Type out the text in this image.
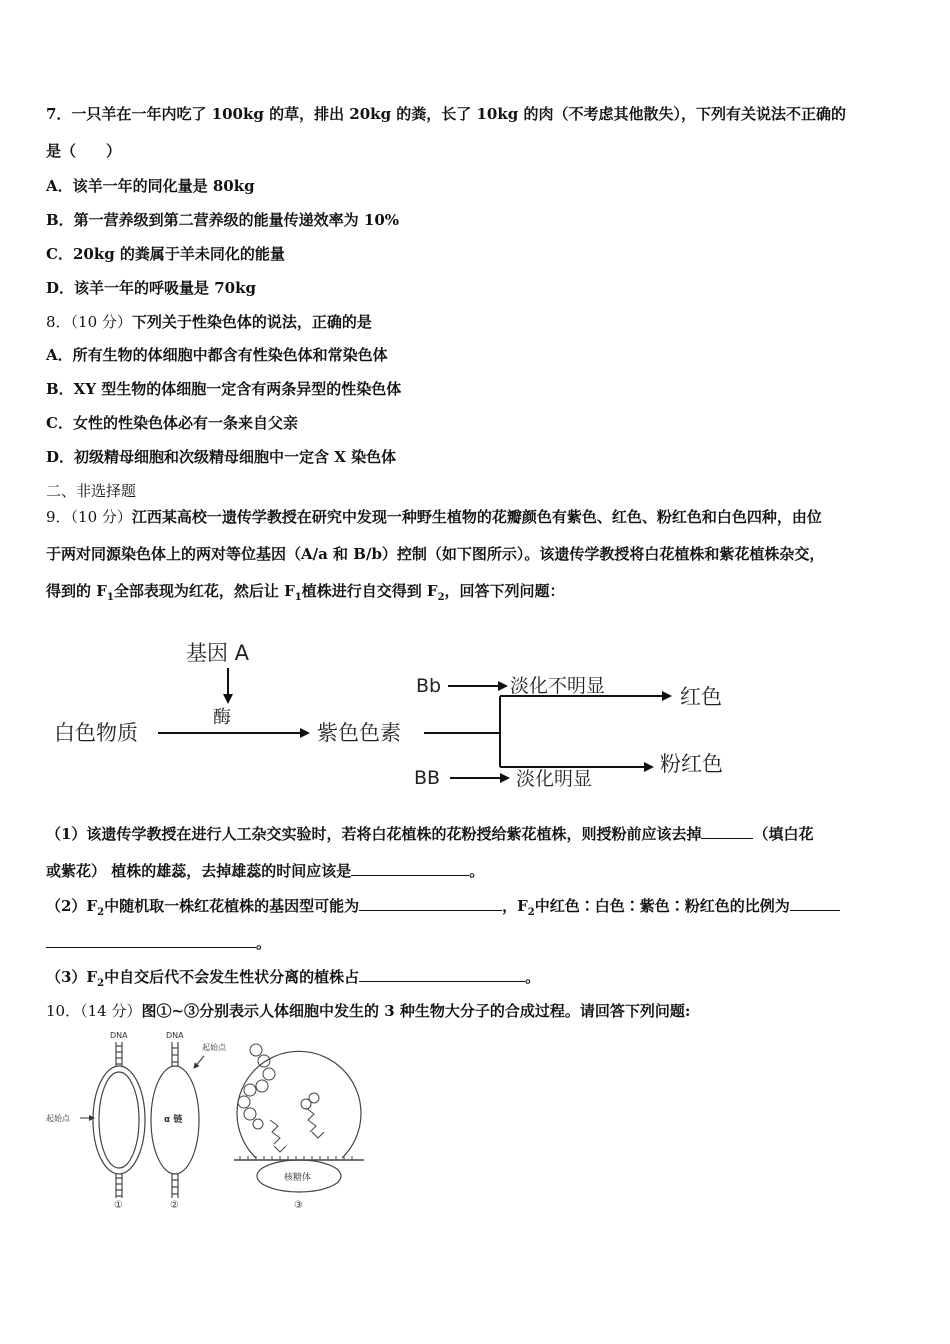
7．一只羊在一年内吃了 100kg 的草，排出 20kg 的粪，长了 10kg 的肉（不考虑其他散失），下列有关说法不正确的
是（　　）
A．该羊一年的同化量是 80kg
B．第一营养级到第二营养级的能量传递效率为 10%
C．20kg 的粪属于羊未同化的能量
D．该羊一年的呼吸量是 70kg
8．（10 分）下列关于性染色体的说法，正确的是
A．所有生物的体细胞中都含有性染色体和常染色体
B．XY 型生物的体细胞一定含有两条异型的性染色体
C．女性的性染色体必有一条来自父亲
D．初级精母细胞和次级精母细胞中一定含 X 染色体
二、非选择题
9．（10 分）江西某高校一遗传学教授在研究中发现一种野生植物的花瓣颜色有紫色、红色、粉红色和白色四种，由位
于两对同源染色体上的两对等位基因（A/a 和 B/b）控制（如下图所示）。该遗传学教授将白花植株和紫花植株杂交，
得到的 $F_1$全部表现为红花，然后让 $F_1$植株进行自交得到 $F_2$，回答下列问题：
基因 A
酶
白色物质	紫色色素
Bb	淡化不明显	红色
BB	淡化明显
粉红色
（1）该遗传学教授在进行人工杂交实验时，若将白花植株的花粉授给紫花植株，则授粉前应该去掉	（填白花
或紫花） 植株的雄蕊，去掉雄蕊的时间应该是	。
$(2)F_2$中随机取一株红花植株的基因型可能为	，$F_2$中红色∶白色∶紫色∶粉红色的比例为
。
$(3)F_2$中自交后代不会发生性状分离的植株占	。
10．（14 分）图①~③分别表示人体细胞中发生的 3 种生物大分子的合成过程。请回答下列问题:
DNA
起始点
①
DNA
起始点
α 链
②
核糖体
③
